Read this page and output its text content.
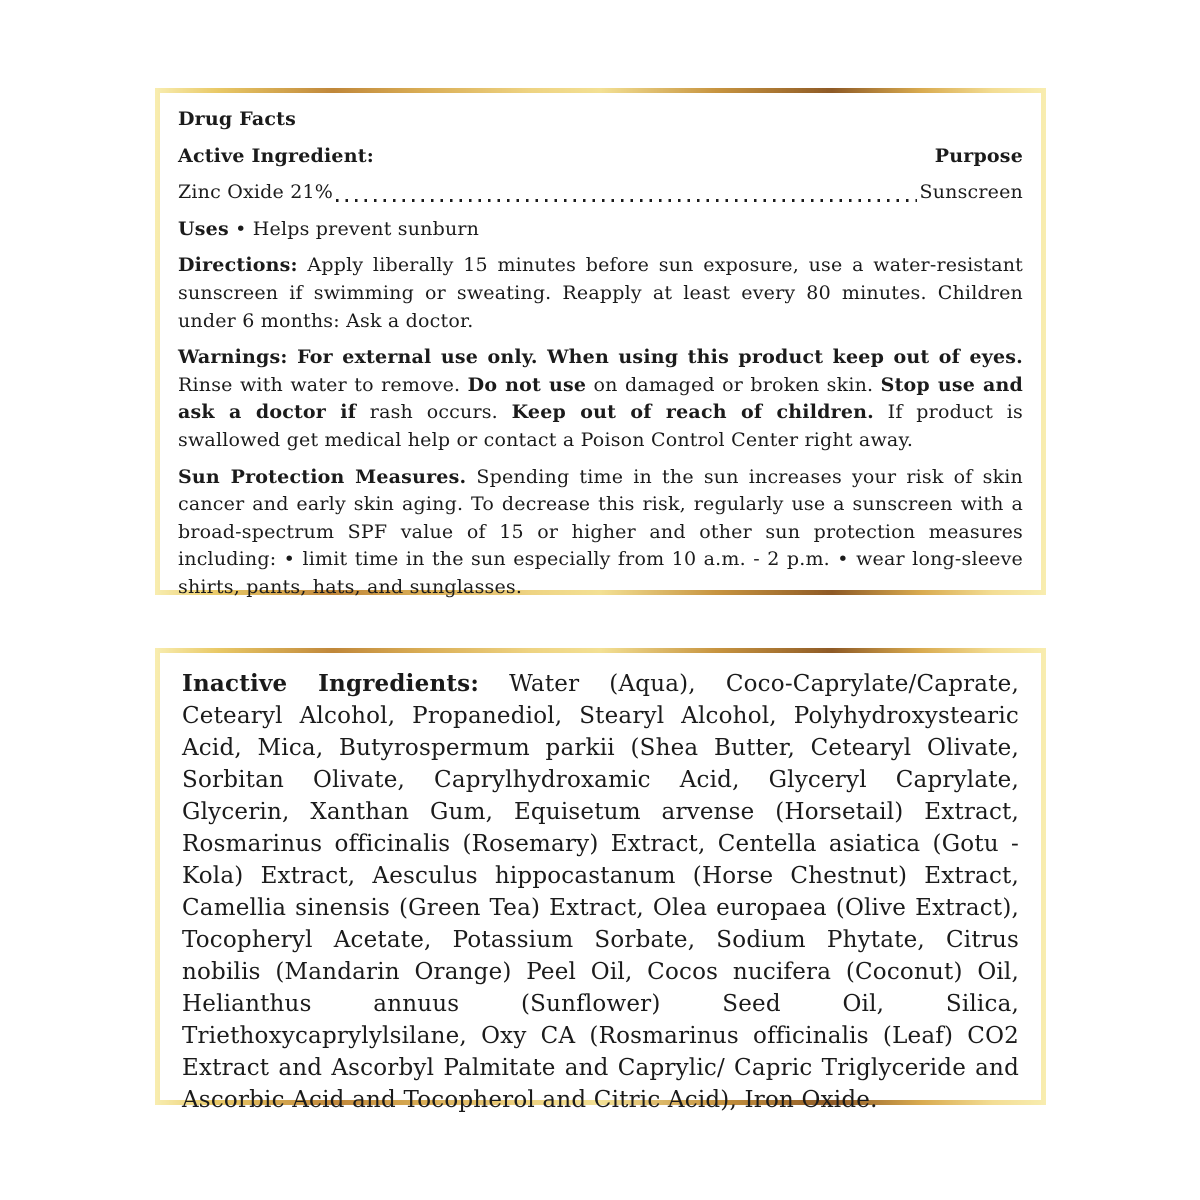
Drug Facts

Active Ingredient:	Purpose
Zinc Oxide 21%	Sunscreen

Uses • Helps prevent sunburn

Directions: Apply liberally 15 minutes before sun exposure, use a water-resistant sunscreen if swimming or sweating. Reapply at least every 80 minutes. Children under 6 months: Ask a doctor.

Warnings: For external use only. When using this product keep out of eyes. Rinse with water to remove. Do not use on damaged or broken skin. Stop use and ask a doctor if rash occurs. Keep out of reach of children. If product is swallowed get medical help or contact a Poison Control Center right away.

Sun Protection Measures. Spending time in the sun increases your risk of skin cancer and early skin aging. To decrease this risk, regularly use a sunscreen with a broad-spectrum SPF value of 15 or higher and other sun protection measures including: • limit time in the sun especially from 10 a.m. - 2 p.m. • wear long-sleeve shirts, pants, hats, and sunglasses.

Inactive Ingredients: Water (Aqua), Coco-Caprylate/Caprate, Cetearyl Alcohol, Propanediol, Stearyl Alcohol, Polyhydroxystearic Acid, Mica, Butyrospermum parkii (Shea Butter, Cetearyl Olivate, Sorbitan Olivate, Caprylhydroxamic Acid, Glyceryl Caprylate, Glycerin, Xanthan Gum, Equisetum arvense (Horsetail) Extract, Rosmarinus officinalis (Rosemary) Extract, Centella asiatica (Gotu - Kola) Extract, Aesculus hippocastanum (Horse Chestnut) Extract, Camellia sinensis (Green Tea) Extract, Olea europaea (Olive Extract), Tocopheryl Acetate, Potassium Sorbate, Sodium Phytate, Citrus nobilis (Mandarin Orange) Peel Oil, Cocos nucifera (Coconut) Oil, Helianthus annuus (Sunflower) Seed Oil, Silica, Triethoxycaprylylsilane, Oxy CA (Rosmarinus officinalis (Leaf) CO2 Extract and Ascorbyl Palmitate and Caprylic/ Capric Triglyceride and Ascorbic Acid and Tocopherol and Citric Acid), Iron Oxide.
